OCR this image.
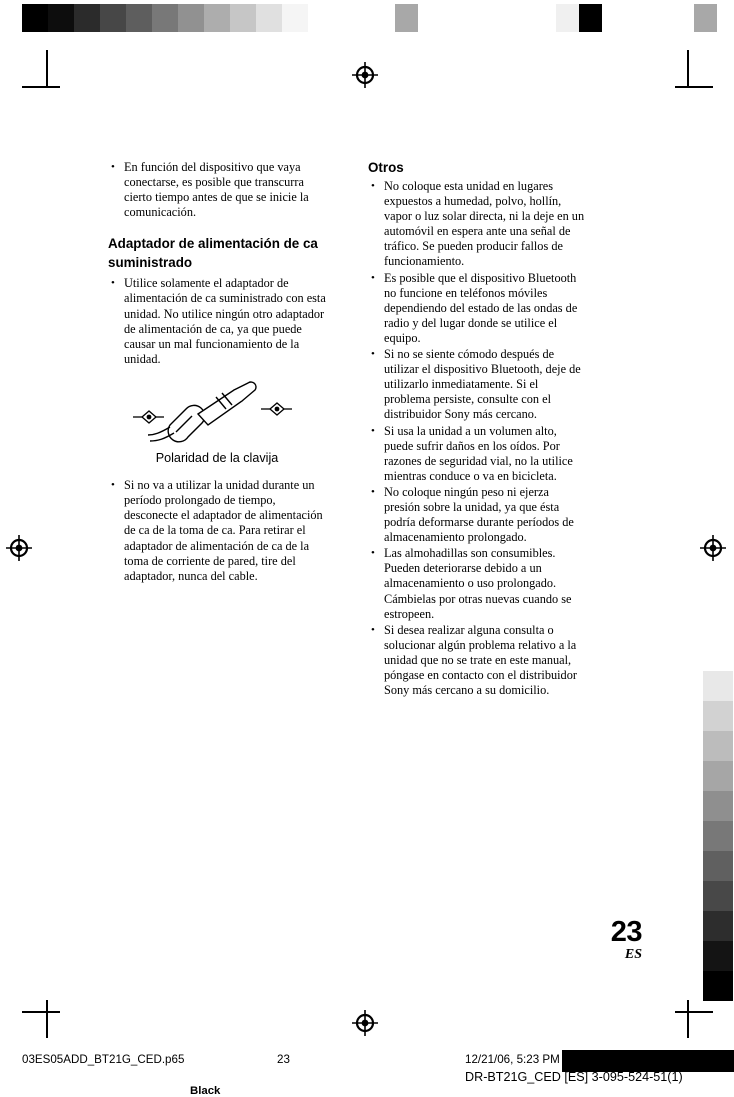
• En función del dispositivo que vaya conectarse, es posible que transcurra cierto tiempo antes de que se inicie la comunicación.
Adaptador de alimentación de ca suministrado
• Utilice solamente el adaptador de alimentación de ca suministrado con esta unidad. No utilice ningún otro adaptador de alimentación de ca, ya que puede causar un mal funcionamiento de la unidad.
Polaridad de la clavija
• Si no va a utilizar la unidad durante un período prolongado de tiempo, desconecte el adaptador de alimentación de ca de la toma de ca. Para retirar el adaptador de alimentación de ca de la toma de corriente de pared, tire del adaptador, nunca del cable.
Otros
• No coloque esta unidad en lugares expuestos a humedad, polvo, hollín, vapor o luz solar directa, ni la deje en un automóvil en espera ante una señal de tráfico. Se pueden producir fallos de funcionamiento.
• Es posible que el dispositivo Bluetooth no funcione en teléfonos móviles dependiendo del estado de las ondas de radio y del lugar donde se utilice el equipo.
• Si no se siente cómodo después de utilizar el dispositivo Bluetooth, deje de utilizarlo inmediatamente. Si el problema persiste, consulte con el distribuidor Sony más cercano.
• Si usa la unidad a un volumen alto, puede sufrir daños en los oídos. Por razones de seguridad vial, no la utilice mientras conduce o va en bicicleta.
• No coloque ningún peso ni ejerza presión sobre la unidad, ya que ésta podría deformarse durante períodos de almacenamiento prolongado.
• Las almohadillas son consumibles. Pueden deteriorarse debido a un almacenamiento o uso prolongado. Cámbielas por otras nuevas cuando se estropeen.
• Si desea realizar alguna consulta o solucionar algún problema relativo a la unidad que no se trate en este manual, póngase en contacto con el distribuidor Sony más cercano a su domicilio.
23
ES
03ES05ADD_BT21G_CED.p65	23	12/21/06, 5:23 PM
DR-BT21G_CED [ES] 3-095-524-51(1)
Black
